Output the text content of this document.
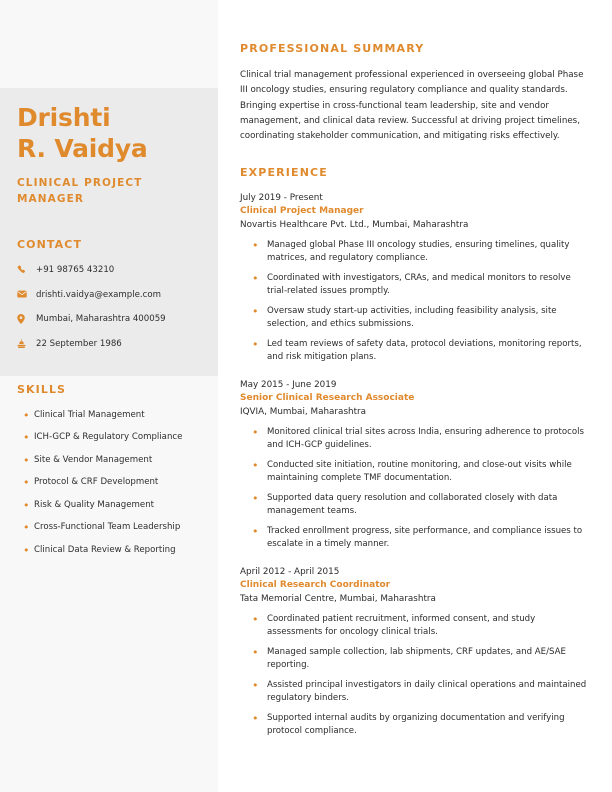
Drishti
R. Vaidya
CLINICAL PROJECT MANAGER
CONTACT
+91 98765 43210
drishti.vaidya@example.com
Mumbai, Maharashtra 400059
22 September 1986
SKILLS
• Clinical Trial Management
• ICH-GCP & Regulatory Compliance
• Site & Vendor Management
• Protocol & CRF Development
• Risk & Quality Management
• Cross-Functional Team Leadership
• Clinical Data Review & Reporting
PROFESSIONAL SUMMARY

Clinical trial management professional experienced in overseeing global Phase III oncology studies, ensuring regulatory compliance and quality standards. Bringing expertise in cross-functional team leadership, site and vendor management, and clinical data review. Successful at driving project timelines, coordinating stakeholder communication, and mitigating risks effectively.

EXPERIENCE
July 2019 - Present
Clinical Project Manager
Novartis Healthcare Pvt. Ltd., Mumbai, Maharashtra
• Managed global Phase III oncology studies, ensuring timelines, quality matrices, and regulatory compliance.
• Coordinated with investigators, CRAs, and medical monitors to resolve trial-related issues promptly.
• Oversaw study start-up activities, including feasibility analysis, site selection, and ethics submissions.
• Led team reviews of safety data, protocol deviations, monitoring reports, and risk mitigation plans.
May 2015 - June 2019
Senior Clinical Research Associate
IQVIA, Mumbai, Maharashtra
• Monitored clinical trial sites across India, ensuring adherence to protocols and ICH-GCP guidelines.
• Conducted site initiation, routine monitoring, and close-out visits while maintaining complete TMF documentation.
• Supported data query resolution and collaborated closely with data management teams.
• Tracked enrollment progress, site performance, and compliance issues to escalate in a timely manner.
April 2012 - April 2015
Clinical Research Coordinator
Tata Memorial Centre, Mumbai, Maharashtra
• Coordinated patient recruitment, informed consent, and study assessments for oncology clinical trials.
• Managed sample collection, lab shipments, CRF updates, and AE/SAE reporting.
• Assisted principal investigators in daily clinical operations and maintained regulatory binders.
• Supported internal audits by organizing documentation and verifying protocol compliance.
